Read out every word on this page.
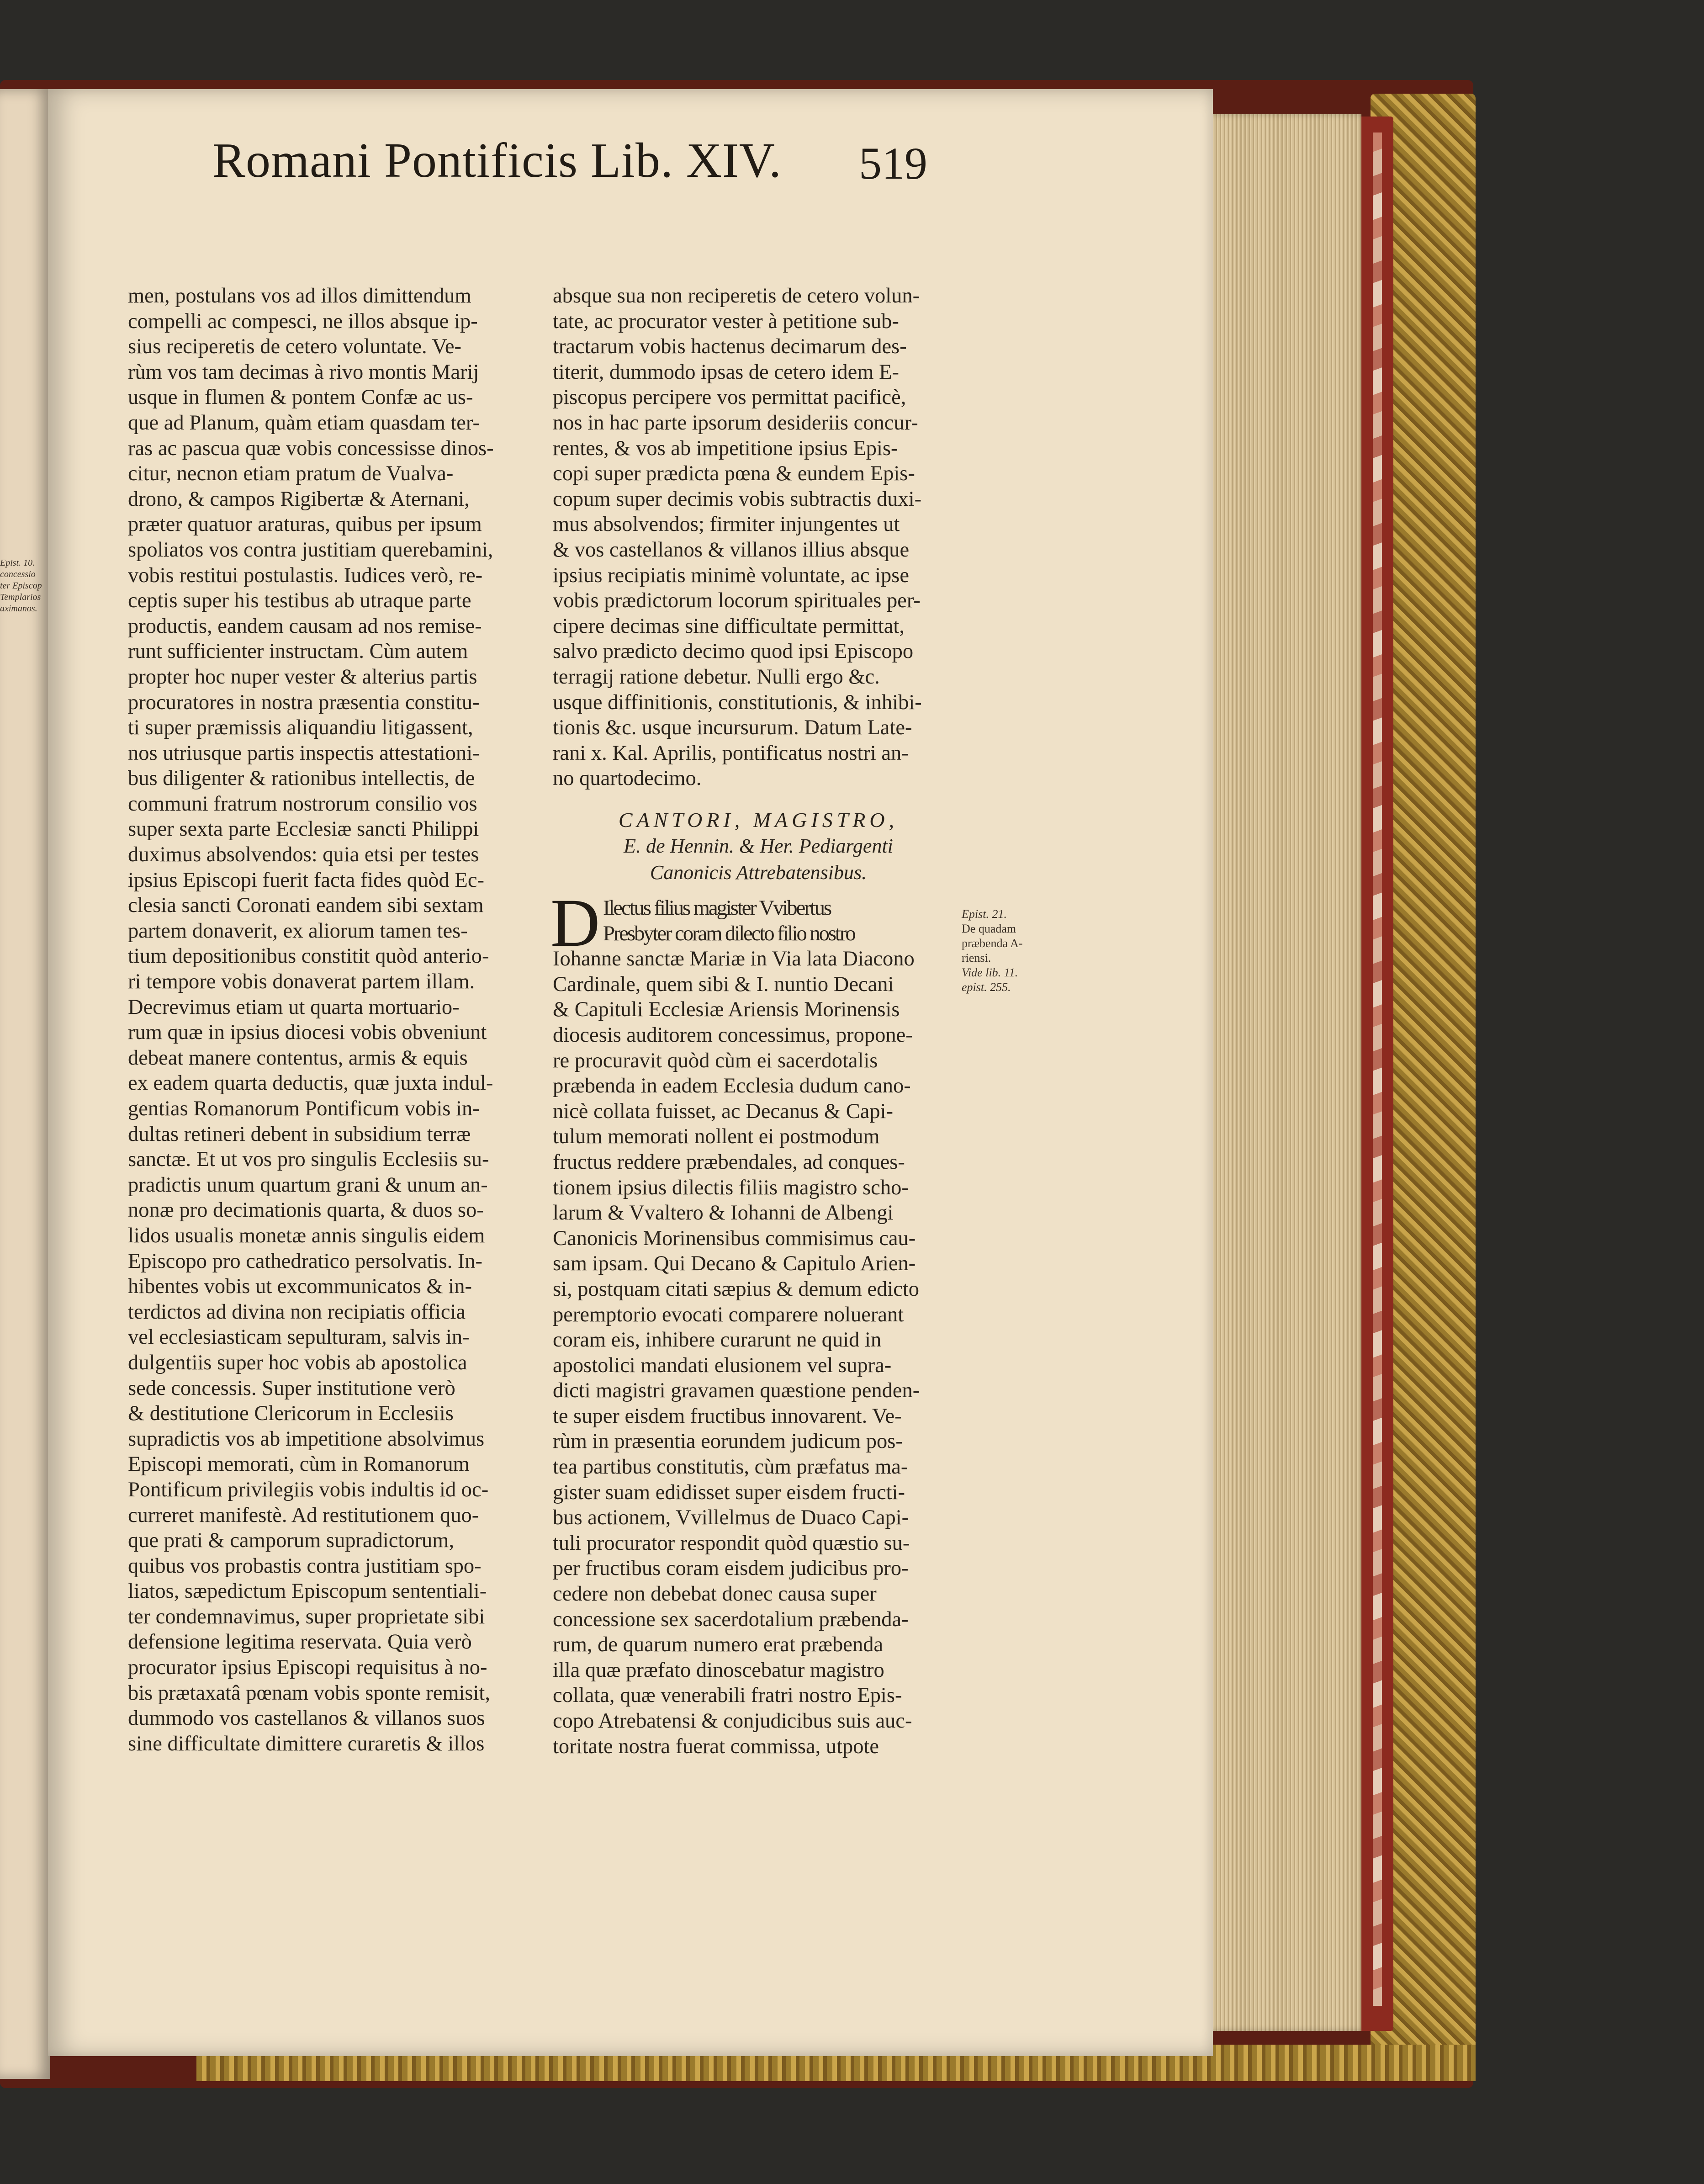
Epist. 10.
concessio
ter Episcop
Templarios
aximanos.
Romani Pontificis Lib. XIV.	519
men, postulans vos ad illos dimittendum
compelli ac compesci, ne illos absque ip-
sius reciperetis de cetero voluntate. Ve-
rùm vos tam decimas à rivo montis Marij
usque in flumen & pontem Confæ ac us-
que ad Planum, quàm etiam quasdam ter-
ras ac pascua quæ vobis concessisse dinos-
citur, necnon etiam pratum de Vualva-
drono, & campos Rigibertæ & Aternani,
præter quatuor araturas, quibus per ipsum
spoliatos vos contra justitiam querebamini,
vobis restitui postulastis. Iudices verò, re-
ceptis super his testibus ab utraque parte
productis, eandem causam ad nos remise-
runt sufficienter instructam. Cùm autem
propter hoc nuper vester & alterius partis
procuratores in nostra præsentia constitu-
ti super præmissis aliquandiu litigassent,
nos utriusque partis inspectis attestationi-
bus diligenter & rationibus intellectis, de
communi fratrum nostrorum consilio vos
super sexta parte Ecclesiæ sancti Philippi
duximus absolvendos: quia etsi per testes
ipsius Episcopi fuerit facta fides quòd Ec-
clesia sancti Coronati eandem sibi sextam
partem donaverit, ex aliorum tamen tes-
tium depositionibus constitit quòd anterio-
ri tempore vobis donaverat partem illam.
Decrevimus etiam ut quarta mortuario-
rum quæ in ipsius diocesi vobis obveniunt
debeat manere contentus, armis & equis
ex eadem quarta deductis, quæ juxta indul-
gentias Romanorum Pontificum vobis in-
dultas retineri debent in subsidium terræ
sanctæ. Et ut vos pro singulis Ecclesiis su-
pradictis unum quartum grani & unum an-
nonæ pro decimationis quarta, & duos so-
lidos usualis monetæ annis singulis eidem
Episcopo pro cathedratico persolvatis. In-
hibentes vobis ut excommunicatos & in-
terdictos ad divina non recipiatis officia
vel ecclesiasticam sepulturam, salvis in-
dulgentiis super hoc vobis ab apostolica
sede concessis. Super institutione verò
& destitutione Clericorum in Ecclesiis
supradictis vos ab impetitione absolvimus
Episcopi memorati, cùm in Romanorum
Pontificum privilegiis vobis indultis id oc-
curreret manifestè. Ad restitutionem quo-
que prati & camporum supradictorum,
quibus vos probastis contra justitiam spo-
liatos, sæpedictum Episcopum sententiali-
ter condemnavimus, super proprietate sibi
defensione legitima reservata. Quia verò
procurator ipsius Episcopi requisitus à no-
bis prætaxatâ pœnam vobis sponte remisit,
dummodo vos castellanos & villanos suos
sine difficultate dimittere curaretis & illos
absque sua non reciperetis de cetero volun-
tate, ac procurator vester à petitione sub-
tractarum vobis hactenus decimarum des-
titerit, dummodo ipsas de cetero idem E-
piscopus percipere vos permittat pacificè,
nos in hac parte ipsorum desideriis concur-
rentes, & vos ab impetitione ipsius Epis-
copi super prædicta pœna & eundem Epis-
copum super decimis vobis subtractis duxi-
mus absolvendos; firmiter injungentes ut
& vos castellanos & villanos illius absque
ipsius recipiatis minimè voluntate, ac ipse
vobis prædictorum locorum spirituales per-
cipere decimas sine difficultate permittat,
salvo prædicto decimo quod ipsi Episcopo
terragij ratione debetur. Nulli ergo &c.
usque diffinitionis, constitutionis, & inhibi-
tionis &c. usque incursurum. Datum Late-
rani x. Kal. Aprilis, pontificatus nostri an-
no quartodecimo.
CANTORI, MAGISTRO,
E. de Hennin. & Her. Pediargenti
Canonicis Attrebatensibus.
D Ilectus filius magister Vvibertus
Presbyter coram dilecto filio nostro
Iohanne sanctæ Mariæ in Via lata Diacono
Cardinale, quem sibi & I. nuntio Decani
& Capituli Ecclesiæ Ariensis Morinensis
diocesis auditorem concessimus, propone-
re procuravit quòd cùm ei sacerdotalis
præbenda in eadem Ecclesia dudum cano-
nicè collata fuisset, ac Decanus & Capi-
tulum memorati nollent ei postmodum
fructus reddere præbendales, ad conques-
tionem ipsius dilectis filiis magistro scho-
larum & Vvaltero & Iohanni de Albengi
Canonicis Morinensibus commisimus cau-
sam ipsam. Qui Decano & Capitulo Arien-
si, postquam citati sæpius & demum edicto
peremptorio evocati comparere noluerant
coram eis, inhibere curarunt ne quid in
apostolici mandati elusionem vel supra-
dicti magistri gravamen quæstione penden-
te super eisdem fructibus innovarent. Ve-
rùm in præsentia eorundem judicum pos-
tea partibus constitutis, cùm præfatus ma-
gister suam edidisset super eisdem fructi-
bus actionem, Vvillelmus de Duaco Capi-
tuli procurator respondit quòd quæstio su-
per fructibus coram eisdem judicibus pro-
cedere non debebat donec causa super
concessione sex sacerdotalium præbenda-
rum, de quarum numero erat præbenda
illa quæ præfato dinoscebatur magistro
collata, quæ venerabili fratri nostro Epis-
copo Atrebatensi & conjudicibus suis auc-
toritate nostra fuerat commissa, utpote
Epist. 21.
De quadam
præbenda A-
riensi.
Vide lib. 11.
epist. 255.
